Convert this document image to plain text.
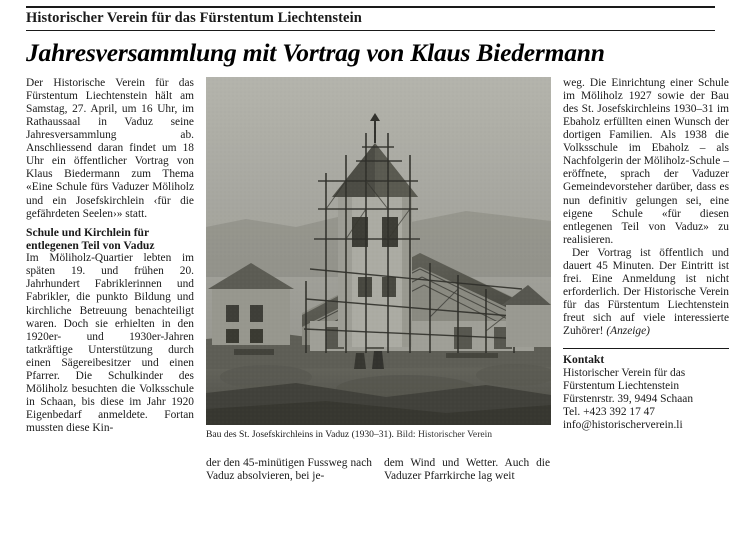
Historischer Verein für das Fürstentum Liechtenstein
Jahresversammlung mit Vortrag von Klaus Biedermann

Der Historische Verein für das Fürstentum Liechtenstein hält am Samstag, 27. April, um 16 Uhr, im Rathaussaal in Vaduz seine Jahresversammlung ab. Anschliessend daran findet um 18 Uhr ein öffentlicher Vortrag von Klaus Biedermann zum Thema «Eine Schule fürs Vaduzer Möliholz und ein Josefskirchlein ‹für die gefährdeten Seelen›» statt.

Schule und Kirchlein für entlegenen Teil von Vaduz

Im Möliholz-Quartier lebten im späten 19. und frühen 20. Jahrhundert Fabriklerinnen und Fabrikler, die punkto Bildung und kirchliche Betreuung benachteiligt waren. Doch sie erhielten in den 1920er- und 1930er-Jahren tatkräftige Unterstützung durch einen Sägereibesitzer und einen Pfarrer. Die Schulkinder des Möliholz besuchten die Volksschule in Schaan, bis diese im Jahr 1920 Eigenbedarf anmeldete. Fortan mussten diese Kin-	Bau des St. Josefskirchleins in Vaduz (1930–31). Bild: Historischer Verein

der den 45-minütigen Fussweg nach Vaduz absolvieren, bei je-

dem Wind und Wetter. Auch die Vaduzer Pfarrkirche lag weit

weg. Die Einrichtung einer Schule im Möliholz 1927 sowie der Bau des St. Josefskirchleins 1930–31 im Ebaholz erfüllten einen Wunsch der dortigen Familien. Als 1938 die Volksschule im Ebaholz – als Nachfolgerin der Möliholz-Schule – eröffnete, sprach der Vaduzer Gemeindevorsteher darüber, dass es nun definitiv gelungen sei, eine eigene Schule «für diesen entlegenen Teil von Vaduz» zu realisieren.

Der Vortrag ist öffentlich und dauert 45 Minuten. Der Eintritt ist frei. Eine Anmeldung ist nicht erforderlich. Der Historische Verein für das Fürstentum Liechtenstein freut sich auf viele interessierte Zuhörer! (Anzeige)

Kontakt

Historischer Verein für das Fürstentum Liechtenstein

Fürstenrstr. 39, 9494 Schaan

Tel. +423 392 17 47

info@historischerverein.li
